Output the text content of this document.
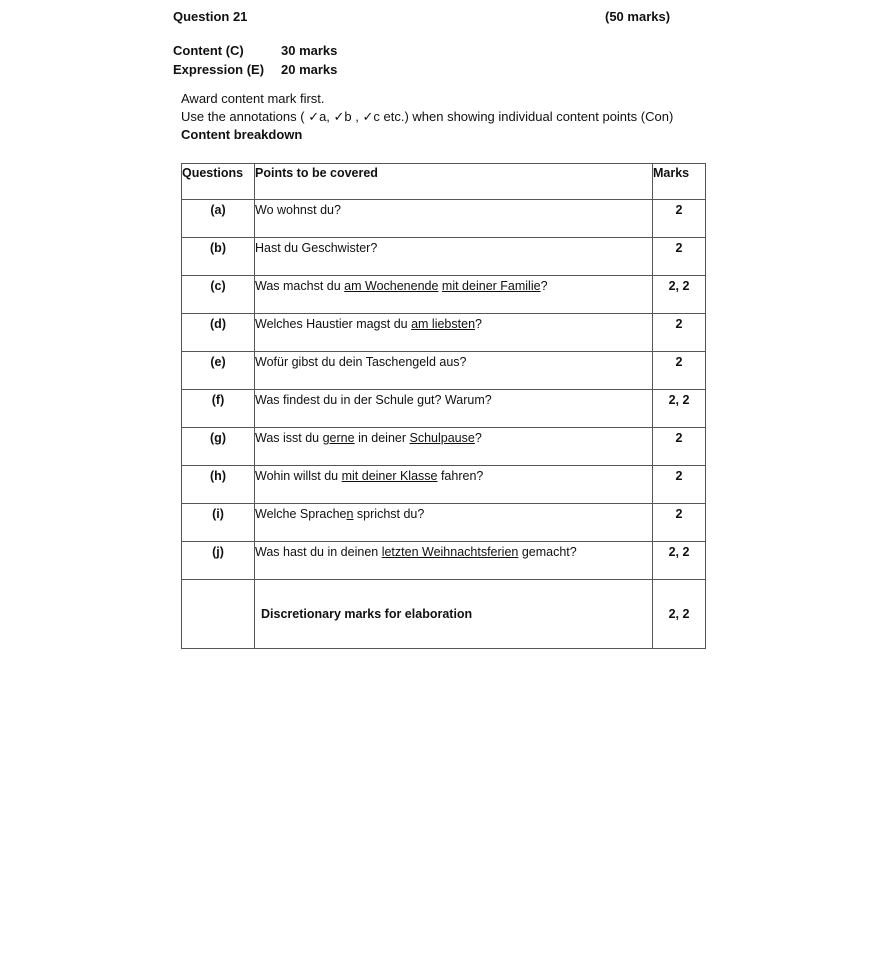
Question 21	(50 marks)
Content (C)	30 marks
Expression (E) 20 marks
Award content mark first.
Use the annotations ( ✓a, ✓b , ✓c etc.) when showing individual content points (Con)
Content breakdown
Questions	Points to be covered	Marks
(a)	Wo wohnst du?	2
(b)	Hast du Geschwister?	2
(c)	Was machst du am Wochenende mit deiner Familie?	2, 2
(d)	Welches Haustier magst du am liebsten?	2
(e)	Wofür gibst du dein Taschengeld aus?	2
(f)	Was findest du in der Schule gut? Warum?	2, 2
(g)	Was isst du gerne in deiner Schulpause?	2
(h)	Wohin willst du mit deiner Klasse fahren?	2
(i)	Welche Sprachen sprichst du?	2
(j)	Was hast du in deinen letzten Weihnachtsferien gemacht?	2, 2
	Discretionary marks for elaboration	2, 2
